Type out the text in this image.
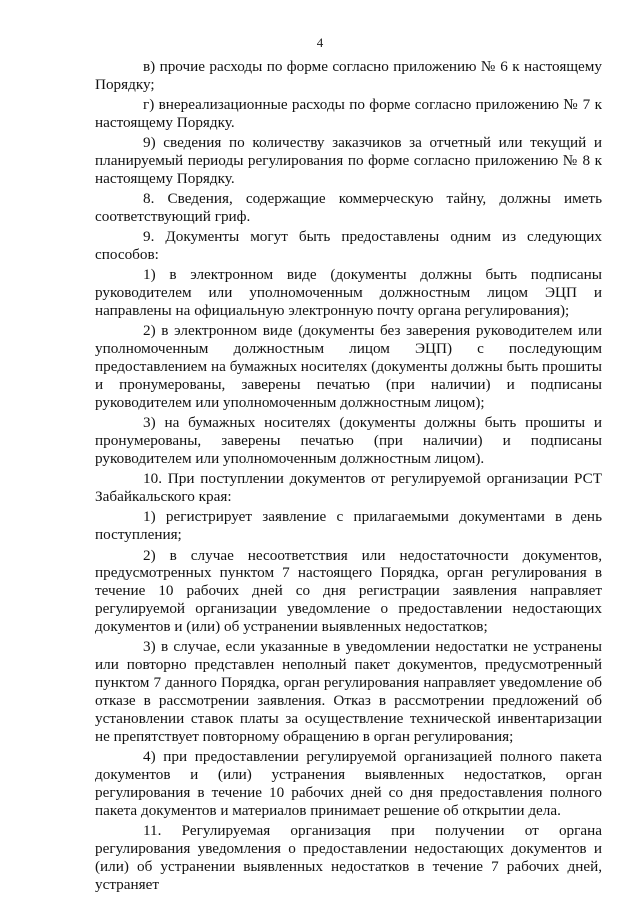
4

в) прочие расходы по форме согласно приложению № 6 к настоящему Порядку;

г) внереализационные расходы по форме согласно приложению № 7 к настоящему Порядку.

9) сведения по количеству заказчиков за отчетный или текущий и планируемый периоды регулирования по форме согласно приложению № 8 к настоящему Порядку.

8. Сведения, содержащие коммерческую тайну, должны иметь соответствующий гриф.

9. Документы могут быть предоставлены одним из следующих способов:

1) в электронном виде (документы должны быть подписаны руководителем или уполномоченным должностным лицом ЭЦП и направлены на официальную электронную почту органа регулирования);

2) в электронном виде (документы без заверения руководителем или уполномоченным должностным лицом ЭЦП) с последующим предоставлением на бумажных носителях (документы должны быть прошиты и пронумерованы, заверены печатью (при наличии) и подписаны руководителем или уполномоченным должностным лицом);

3) на бумажных носителях (документы должны быть прошиты и пронумерованы, заверены печатью (при наличии) и подписаны руководителем или уполномоченным должностным лицом).

10. При поступлении документов от регулируемой организации РСТ Забайкальского края:

1) регистрирует заявление с прилагаемыми документами в день поступления;

2) в случае несоответствия или недостаточности документов, предусмотренных пунктом 7 настоящего Порядка, орган регулирования в течение 10 рабочих дней со дня регистрации заявления направляет регулируемой организации уведомление о предоставлении недостающих документов и (или) об устранении выявленных недостатков;

3) в случае, если указанные в уведомлении недостатки не устранены или повторно представлен неполный пакет документов, предусмотренный пунктом 7 данного Порядка, орган регулирования направляет уведомление об отказе в рассмотрении заявления. Отказ в рассмотрении предложений об установлении ставок платы за осуществление технической инвентаризации не препятствует повторному обращению в орган регулирования;

4) при предоставлении регулируемой организацией полного пакета документов и (или) устранения выявленных недостатков, орган регулирования в течение 10 рабочих дней со дня предоставления полного пакета документов и материалов принимает решение об открытии дела.

11. Регулируемая организация при получении от органа регулирования уведомления о предоставлении недостающих документов и (или) об устранении выявленных недостатков в течение 7 рабочих дней, устраняет
